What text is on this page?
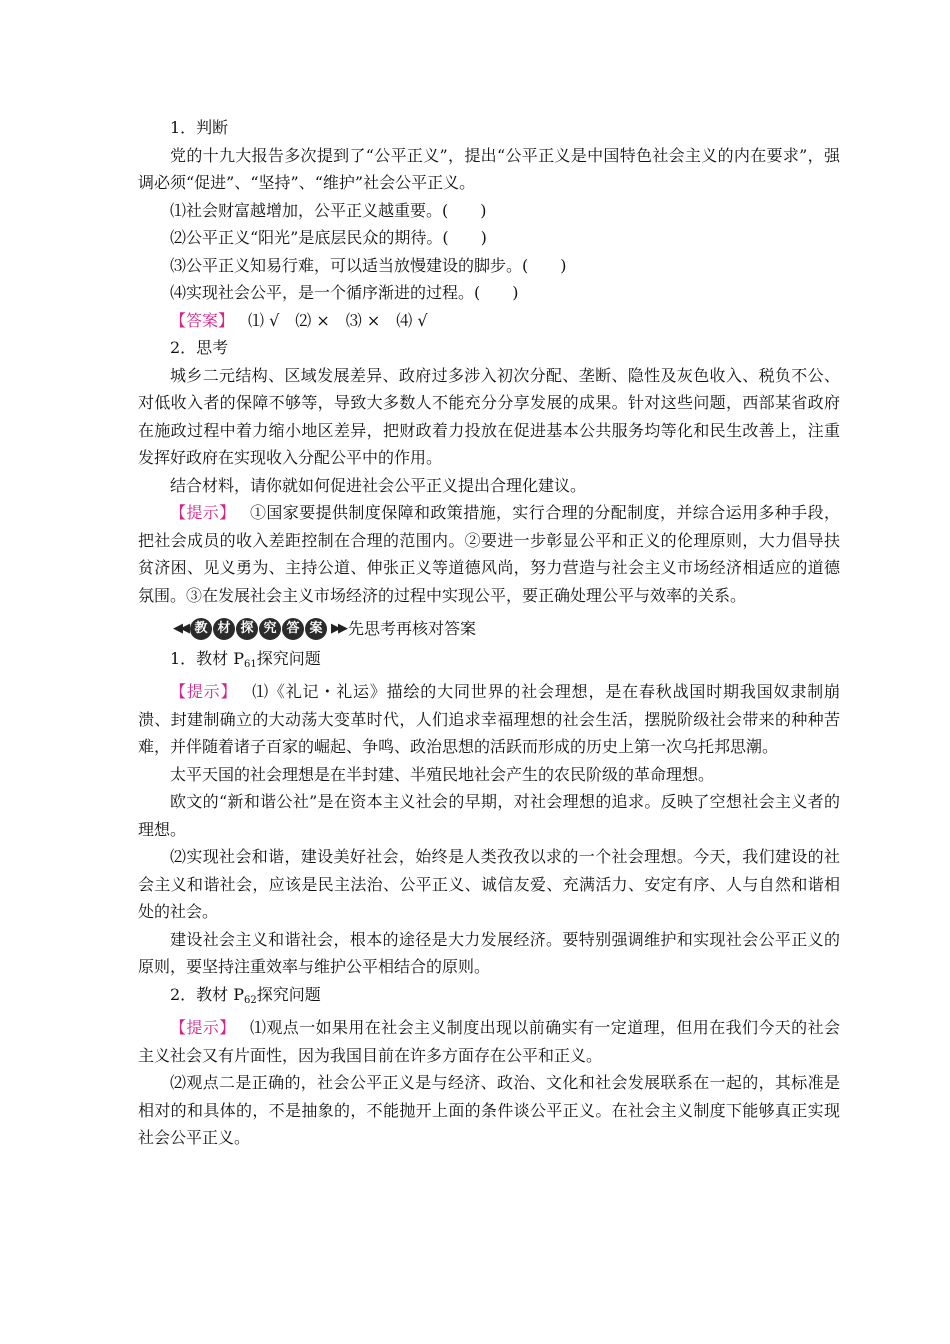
1．判断

党的十九大报告多次提到了“公平正义”，提出“公平正义是中国特色社会主义的内在要求”，强调必须“促进”、“坚持”、“维护”社会公平正义。

⑴社会财富越增加，公平正义越重要。(　　)

⑵公平正义“阳光”是底层民众的期待。(　　)

⑶公平正义知易行难，可以适当放慢建设的脚步。(　　)

⑷实现社会公平，是一个循序渐进的过程。(　　)

【答案】 ⑴ √　⑵ ×　⑶ ×　⑷ √

2．思考

城乡二元结构、区域发展差异、政府过多涉入初次分配、垄断、隐性及灰色收入、税负不公、对低收入者的保障不够等，导致大多数人不能充分分享发展的成果。针对这些问题，西部某省政府在施政过程中着力缩小地区差异，把财政着力投放在促进基本公共服务均等化和民生改善上，注重发挥好政府在实现收入分配公平中的作用。

结合材料，请你就如何促进社会公平正义提出合理化建议。

【提示】 ①国家要提供制度保障和政策措施，实行合理的分配制度，并综合运用多种手段，把社会成员的收入差距控制在合理的范围内。②要进一步彰显公平和正义的伦理原则，大力倡导扶贫济困、见义勇为、主持公道、伸张正义等道德风尚，努力营造与社会主义市场经济相适应的道德氛围。③在发展社会主义市场经济的过程中实现公平，要正确处理公平与效率的关系。

◀◀ 教 材 探 究 答 案 ▶▶ 先思考再核对答案

1．教材 $P_{61}$探究问题

【提示】 ⑴《礼记・礼运》描绘的大同世界的社会理想，是在春秋战国时期我国奴隶制崩溃、封建制确立的大动荡大变革时代，人们追求幸福理想的社会生活，摆脱阶级社会带来的种种苦难，并伴随着诸子百家的崛起、争鸣、政治思想的活跃而形成的历史上第一次乌托邦思潮。

太平天国的社会理想是在半封建、半殖民地社会产生的农民阶级的革命理想。

欧文的“新和谐公社”是在资本主义社会的早期，对社会理想的追求。反映了空想社会主义者的理想。

⑵实现社会和谐，建设美好社会，始终是人类孜孜以求的一个社会理想。今天，我们建设的社会主义和谐社会，应该是民主法治、公平正义、诚信友爱、充满活力、安定有序、人与自然和谐相处的社会。

建设社会主义和谐社会，根本的途径是大力发展经济。要特别强调维护和实现社会公平正义的原则，要坚持注重效率与维护公平相结合的原则。

2．教材 $P_{62}$探究问题

【提示】 ⑴观点一如果用在社会主义制度出现以前确实有一定道理，但用在我们今天的社会主义社会又有片面性，因为我国目前在许多方面存在公平和正义。

⑵观点二是正确的，社会公平正义是与经济、政治、文化和社会发展联系在一起的，其标准是相对的和具体的，不是抽象的，不能抛开上面的条件谈公平正义。在社会主义制度下能够真正实现社会公平正义。
